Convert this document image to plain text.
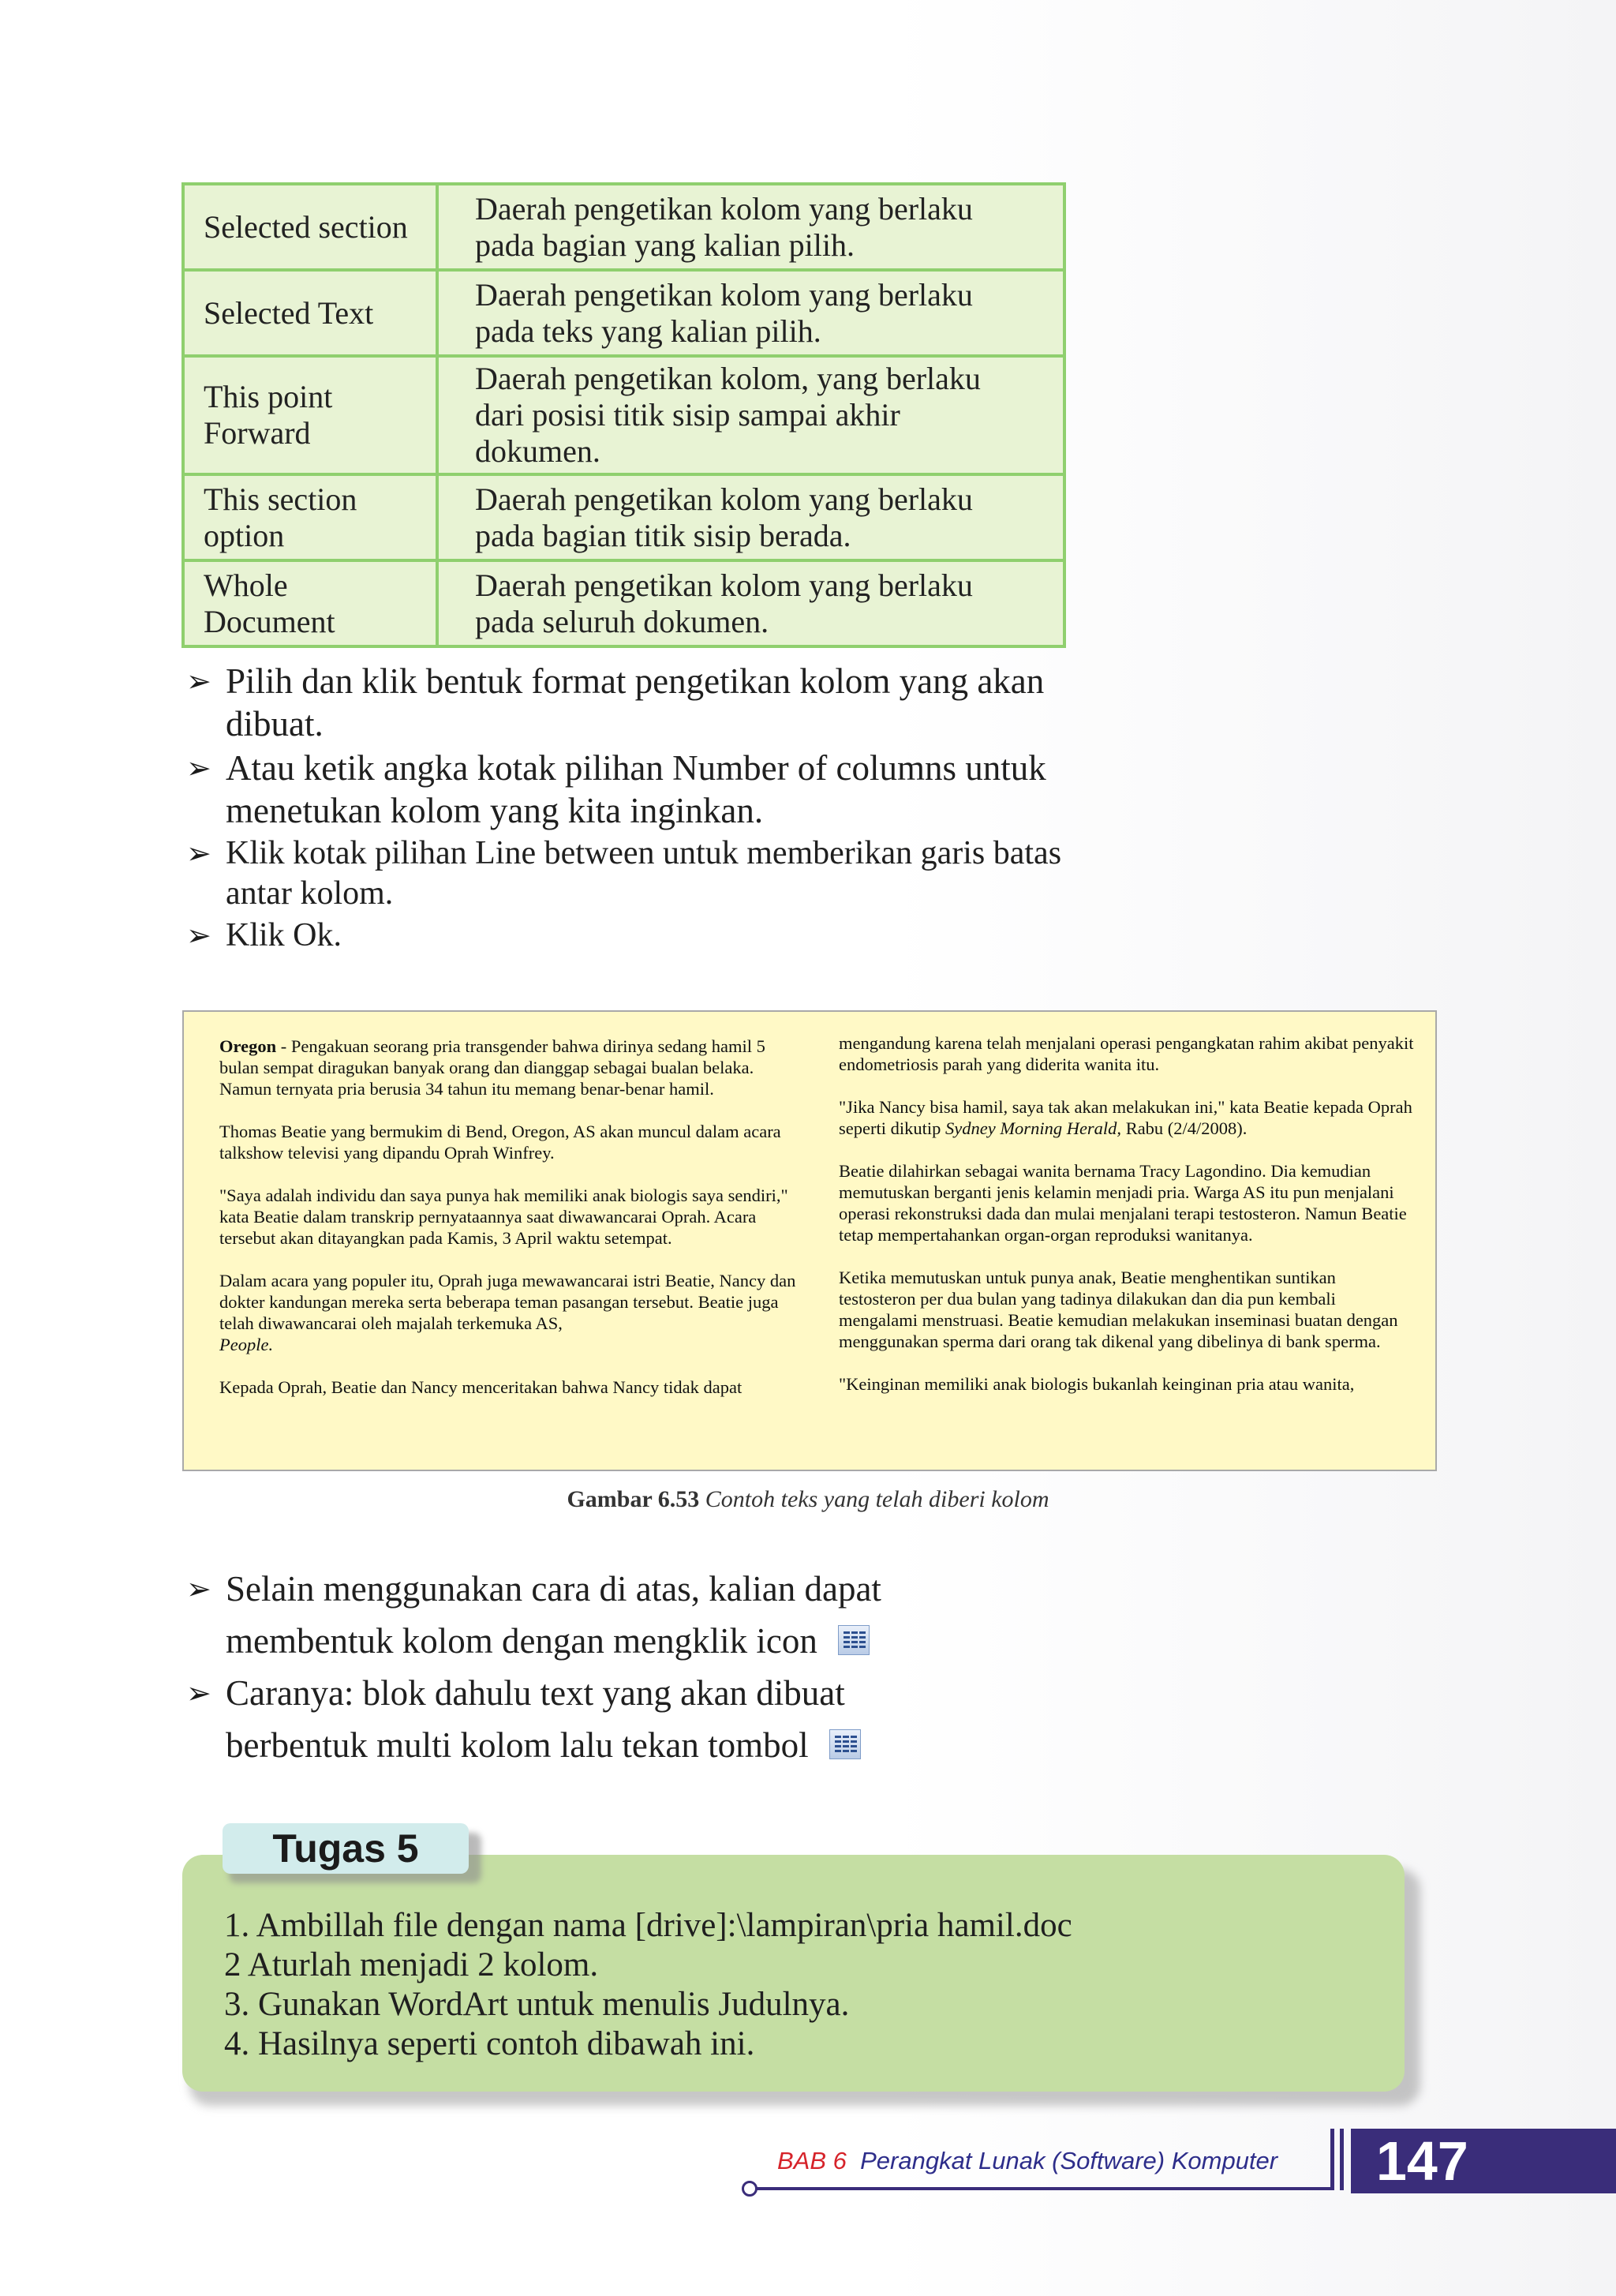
Selected section	Daerah pengetikan kolom yang berlaku pada bagian yang kalian pilih.
Selected Text	Daerah pengetikan kolom yang berlaku pada teks yang kalian pilih.
This point Forward	Daerah pengetikan kolom, yang berlaku dari posisi titik sisip sampai akhir dokumen.
This section option	Daerah pengetikan kolom yang berlaku pada bagian titik sisip berada.
Whole Document	Daerah pengetikan kolom yang berlaku pada seluruh dokumen.
➢ Pilih dan klik bentuk format pengetikan kolom yang akan dibuat.
➢ Atau ketik angka kotak pilihan Number of columns untuk menetukan kolom yang kita inginkan.
➢ Klik kotak pilihan Line between untuk memberikan garis batas antar kolom.
➢ Klik Ok.

Oregon - Pengakuan seorang pria transgender bahwa dirinya sedang hamil 5 bulan sempat diragukan banyak orang dan dianggap sebagai bualan belaka. Namun ternyata pria berusia 34 tahun itu memang benar-benar hamil.

Thomas Beatie yang bermukim di Bend, Oregon, AS akan muncul dalam acara talkshow televisi yang dipandu Oprah Winfrey.

"Saya adalah individu dan saya punya hak memiliki anak biologis saya sendiri," kata Beatie dalam transkrip pernyataannya saat diwawancarai Oprah. Acara tersebut akan ditayangkan pada Kamis, 3 April waktu setempat.

Dalam acara yang populer itu, Oprah juga mewawancarai istri Beatie, Nancy dan dokter kandungan mereka serta beberapa teman pasangan tersebut. Beatie juga telah diwawancarai oleh majalah terkemuka AS,
People.

Kepada Oprah, Beatie dan Nancy menceritakan bahwa Nancy tidak dapat

mengandung karena telah menjalani operasi pengangkatan rahim akibat penyakit endometriosis parah yang diderita wanita itu.

"Jika Nancy bisa hamil, saya tak akan melakukan ini," kata Beatie kepada Oprah seperti dikutip Sydney Morning Herald, Rabu (2/4/2008).

Beatie dilahirkan sebagai wanita bernama Tracy Lagondino. Dia kemudian memutuskan berganti jenis kelamin menjadi pria. Warga AS itu pun menjalani operasi rekonstruksi dada dan mulai menjalani terapi testosteron. Namun Beatie tetap mempertahankan organ-organ reproduksi wanitanya.

Ketika memutuskan untuk punya anak, Beatie menghentikan suntikan testosteron per dua bulan yang tadinya dilakukan dan dia pun kembali mengalami menstruasi. Beatie kemudian melakukan inseminasi buatan dengan menggunakan sperma dari orang tak dikenal yang dibelinya di bank sperma.

"Keinginan memiliki anak biologis bukanlah keinginan pria atau wanita,

Gambar 6.53 Contoh teks yang telah diberi kolom
➢ Selain menggunakan cara di atas, kalian dapat
membentuk kolom dengan mengklik icon
➢ Caranya: blok dahulu text yang akan dibuat
berbentuk multi kolom lalu tekan tombol
Tugas 5
1. Ambillah file dengan nama [drive]:\lampiran\pria hamil.doc
2 Aturlah menjadi 2 kolom.
3. Gunakan WordArt untuk menulis Judulnya.
4. Hasilnya seperti contoh dibawah ini.
BAB 6 Perangkat Lunak (Software) Komputer	147
